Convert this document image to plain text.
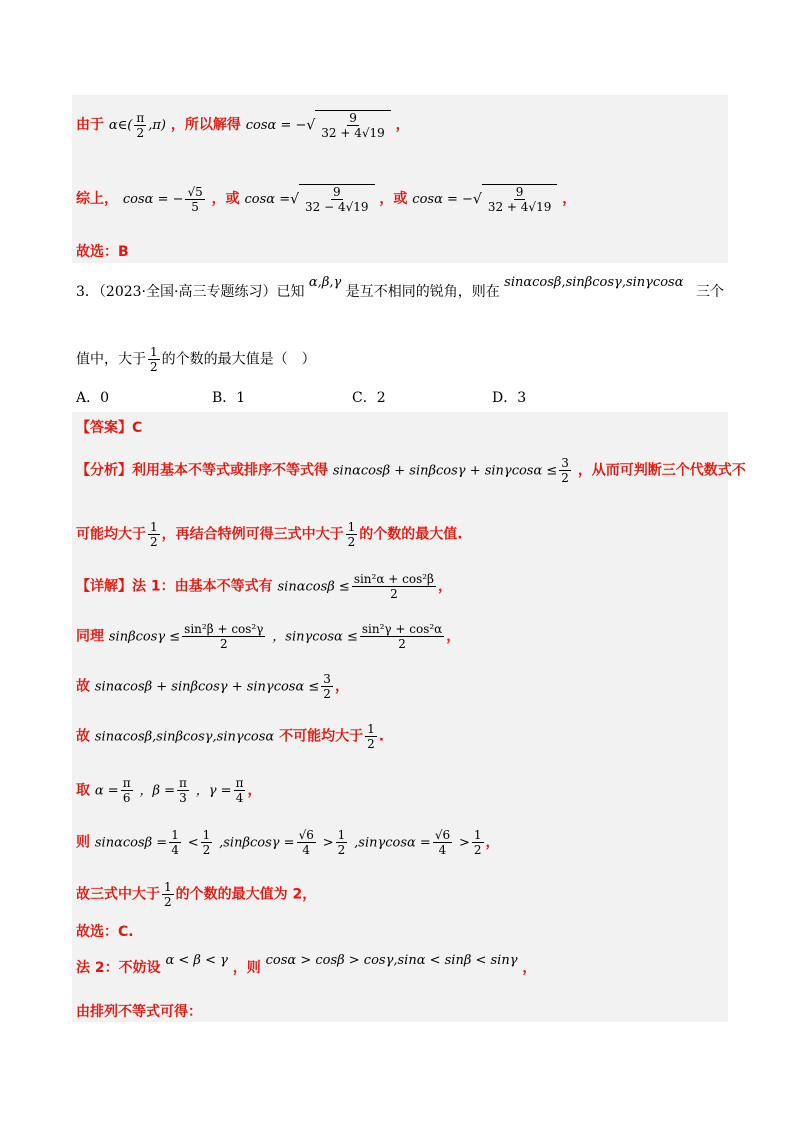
由于 α∈( $\frac{\pi}{2} ,\pi$) ，所以解得 cosα = −√ $\frac{9}{32 + 4√19}$ ，
综上， cosα = − $\frac{√5}{5}$ ，或 cosα =√ $\frac{9}{32 - 4√19}$ ，或 cosα = −√ $\frac{9}{32 + 4√19}$ ，
故选：B
3．（2023·全国·高三专题练习）已知 α,β,γ 是互不相同的锐角，则在 sinαcosβ,sinβcosγ,sinγcosα 三个
值中，大于 $\frac{1}{2}$ 的个数的最大值是（　）
A．0	B．1	C．2	D．3
【答案】C
【分析】利用基本不等式或排序不等式得 $\sin\alpha\cos\beta + \sin\beta\cos\gamma + \sin\gamma\cos\alpha \le \frac{3}{2}$ ，从而可判断三个代数式不
可能均大于 $\frac{1}{2}$ ，再结合特例可得三式中大于 $\frac{1}{2}$ 的个数的最大值.
【详解】法 1：由基本不等式有 $\sin\alpha\cos\beta \le \frac{\text{sin²α + cos²β}}{2}$ ，
同理 $\sin\beta\cos\gamma \le \frac{\text{sin²β + cos²γ}}{2}$ ，$\sin\gamma\cos\alpha \le \frac{\text{sin²γ + cos²α}}{2}$ ，
故 $\sin\alpha\cos\beta + \sin\beta\cos\gamma + \sin\gamma\cos\alpha \le \frac{3}{2}$ ，
故 sinαcosβ,sinβcosγ,sinγcosα 不可能均大于 $\frac{1}{2}$ .
取 $\alpha = \frac{\pi}{6}$ ，$\beta = \frac{\pi}{3}$ ，$\gamma = \frac{\pi}{4}$ ，
则 $\sin\alpha\cos\beta = \frac{1}{4} < \frac{1}{2} ,\sin\beta\cos\gamma = \frac{√6}{4} > \frac{1}{2} ,\sin\gamma\cos\alpha = \frac{√6}{4} > \frac{1}{2}$ ，
故三式中大于 $\frac{1}{2}$ 的个数的最大值为 2，
故选：C.
法 2：不妨设 α < β < γ ，则 cosα > cosβ > cosγ,sinα < sinβ < sinγ ，
由排列不等式可得：
